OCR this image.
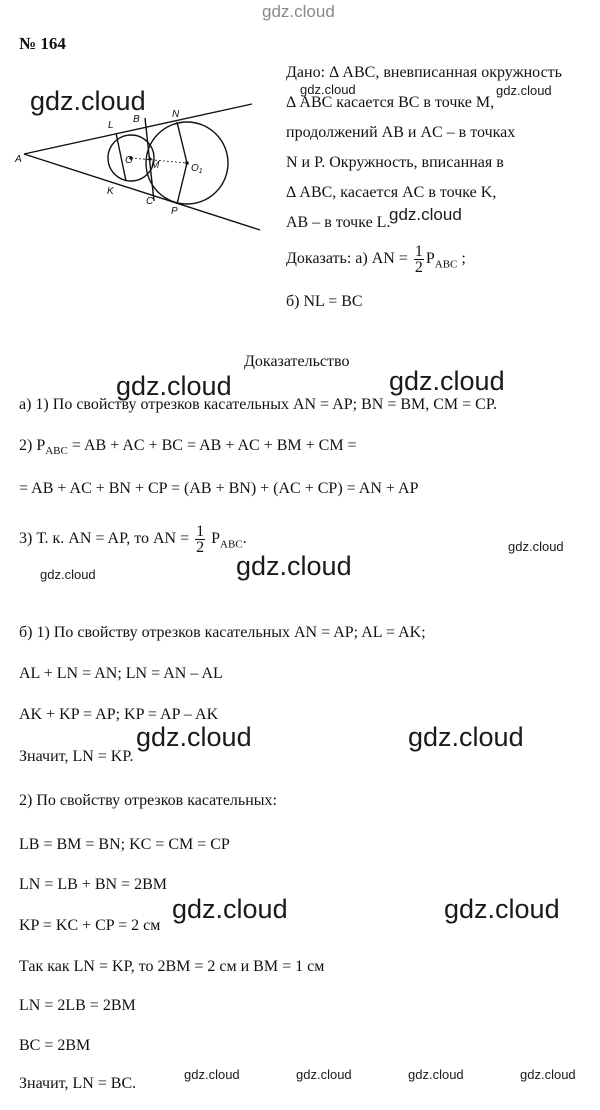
gdz.cloud
№ 164
A
B
C
L
K
O M
N
P
$O_1$
Дано: Δ ABC, вневписанная окружность
Δ ABC касается BC в точке M,
продолжений AB и AC – в точках
N и P. Окружность, вписанная в
Δ ABC, касается AC в точке K,
AB – в точке L.
Доказать: а) AN = $\frac{1}{2} P_{ABC}$ ;
б) NL = BC
Доказательство
а) 1) По свойству отрезков касательных AN = AP; BN = BM, CM = CP.
2) $P_{ABC}$ = AB + AC + BC = AB + AC + BM + CM =
= AB + AC + BN + CP = (AB + BN) + (AC + CP) = AN + AP
3) Т. к. AN = AP, то AN = $\frac{1}{2} P_{ABC}$.
б) 1) По свойству отрезков касательных AN = AP; AL = AK;
AL + LN = AN; LN = AN – AL
AK + KP = AP; KP = AP – AK
Значит, LN = KP.
2) По свойству отрезков касательных:
LB = BM = BN; KC = CM = CP
LN = LB + BN = 2BM
KP = KC + CP = 2 см
Так как LN = KP, то 2BM = 2 см и BM = 1 см
LN = 2LB = 2BM
BC = 2BM
Значит, LN = BC.
gdz.cloud	gdz.cloud	gdz.cloud
gdz.cloud
gdz.cloud	gdz.cloud
gdz.cloud
gdz.cloud	gdz.cloud
gdz.cloud	gdz.cloud
gdz.cloud	gdz.cloud
gdz.cloud	gdz.cloud	gdz.cloud	gdz.cloud
